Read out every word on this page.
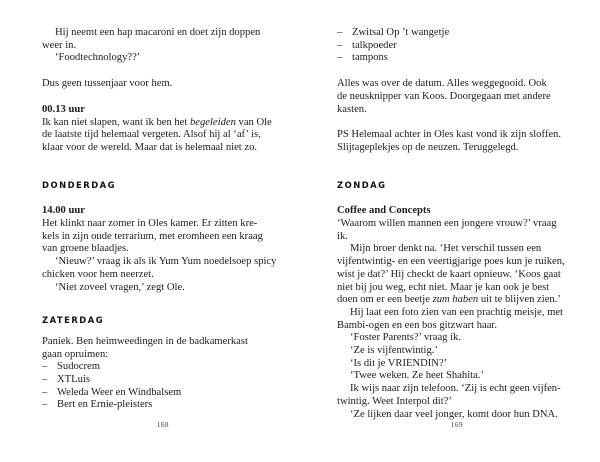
Hij neemt een hap macaroni en doet zijn doppen
weer in.
‘Foodtechnology??’
Dus geen tussenjaar voor hem.
00.13 uur
Ik kan niet slapen, want ik ben het begeleiden van Ole
de laatste tijd helemaal vergeten. Alsof hij al ‘af’ is,
klaar voor de wereld. Maar dat is helemaal niet zo.
DONDERDAG
14.00 uur
Het klinkt naar zomer in Oles kamer. Er zitten kre-
kels in zijn oude terrarium, met eromheen een kraag
van groene blaadjes.
‘Nieuw?’ vraag ik als ik Yum Yum noedelsoep spicy
chicken voor hem neerzet.
‘Niet zoveel vragen,’ zegt Ole.
ZATERDAG
Paniek. Ben heimweedingen in de badkamerkast
gaan opruimen:
– Sudocrem
– XTLuis
– Weleda Weer en Windbalsem
– Bert en Ernie-pleisters
– Zwitsal Op ’t wangetje
– talkpoeder
– tampons
Alles was over de datum. Alles weggegooid. Ook
de neusknipper van Koos. Doorgegaan met andere
kasten.
PS Helemaal achter in Oles kast vond ik zijn sloffen.
Slijtageplekjes op de neuzen. Teruggelegd.
ZONDAG
Coffee and Concepts
‘Waarom willen mannen een jongere vrouw?’ vraag
ik.
Mijn broer denkt na. ‘Het verschil tussen een
vijfentwintig- en een veertigjarige poes kun je ruiken,
wist je dat?’ Hij checkt de kaart opnieuw. ‘Koos gaat
niet bij jou weg, echt niet. Maar je kan ook je best
doen om er een beetje zum haben uit te blijven zien.’
Hij laat een foto zien van een prachtig meisje, met
Bambi-ogen en een bos gitzwart haar.
‘Foster Parents?’ vraag ik.
‘Ze is vijfentwintig.’
‘Is dit je VRIENDIN?’
‘Twee weken. Ze heet Shahita.’
Ik wijs naar zijn telefoon. ‘Zij is echt geen vijfen-
twintig. Weet Interpol dit?’
‘Ze lijken daar veel jonger, komt door hun DNA.
168	169
